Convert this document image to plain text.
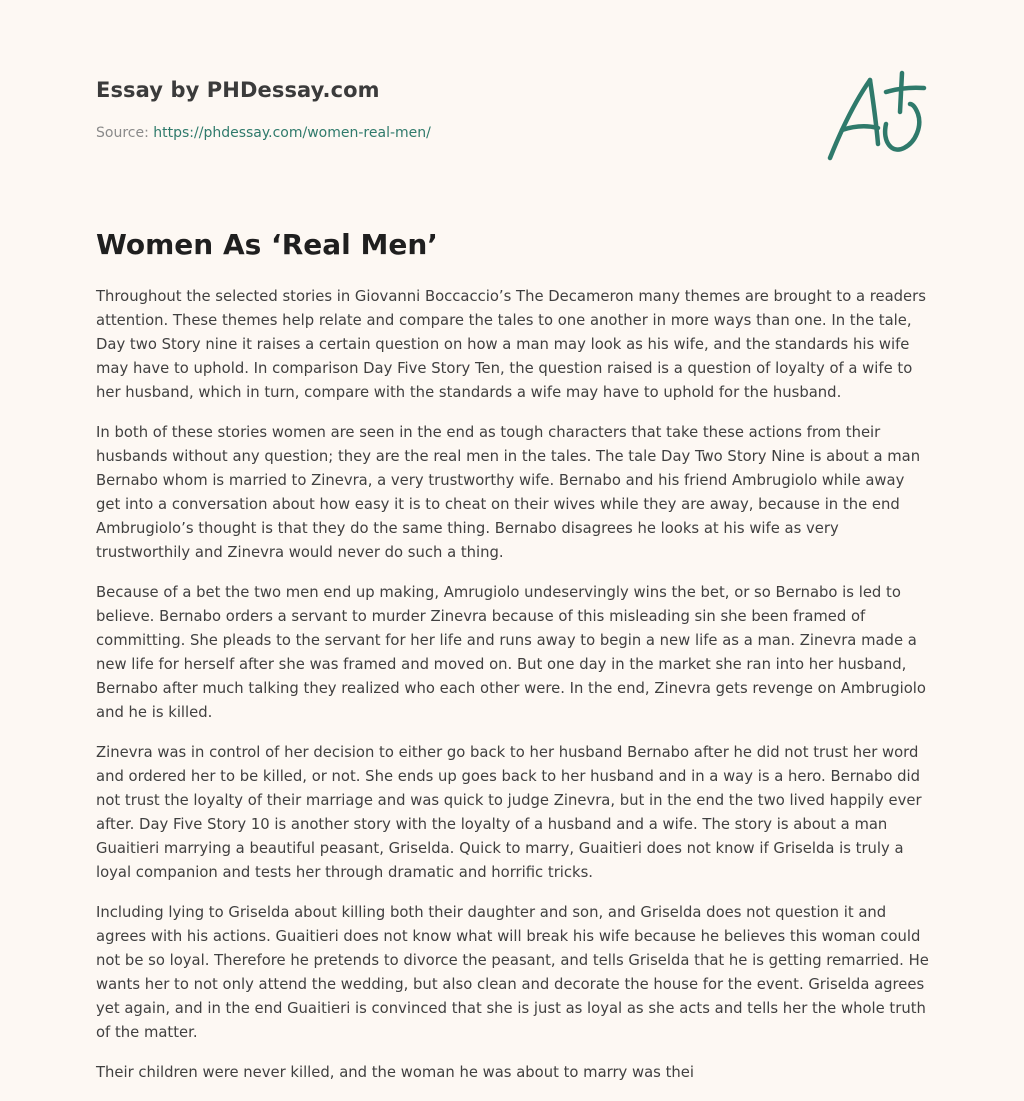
Essay by PHDessay.com
Source: https://phdessay.com/women-real-men/
Women As ‘Real Men’

Throughout the selected stories in Giovanni Boccaccio’s The Decameron many themes are brought to a readers attention. These themes help relate and compare the tales to one another in more ways than one. In the tale, Day two Story nine it raises a certain question on how a man may look as his wife, and the standards his wife may have to uphold. In comparison Day Five Story Ten, the question raised is a question of loyalty of a wife to her husband, which in turn, compare with the standards a wife may have to uphold for the husband.

In both of these stories women are seen in the end as tough characters that take these actions from their husbands without any question; they are the real men in the tales. The tale Day Two Story Nine is about a man Bernabo whom is married to Zinevra, a very trustworthy wife. Bernabo and his friend Ambrugiolo while away get into a conversation about how easy it is to cheat on their wives while they are away, because in the end Ambrugiolo’s thought is that they do the same thing. Bernabo disagrees he looks at his wife as very trustworthily and Zinevra would never do such a thing.

Because of a bet the two men end up making, Amrugiolo undeservingly wins the bet, or so Bernabo is led to believe. Bernabo orders a servant to murder Zinevra because of this misleading sin she been framed of committing. She pleads to the servant for her life and runs away to begin a new life as a man. Zinevra made a new life for herself after she was framed and moved on. But one day in the market she ran into her husband, Bernabo after much talking they realized who each other were. In the end, Zinevra gets revenge on Ambrugiolo and he is killed.

Zinevra was in control of her decision to either go back to her husband Bernabo after he did not trust her word and ordered her to be killed, or not. She ends up goes back to her husband and in a way is a hero. Bernabo did not trust the loyalty of their marriage and was quick to judge Zinevra, but in the end the two lived happily ever after. Day Five Story 10 is another story with the loyalty of a husband and a wife. The story is about a man Guaitieri marrying a beautiful peasant, Griselda. Quick to marry, Guaitieri does not know if Griselda is truly a loyal companion and tests her through dramatic and horrific tricks.

Including lying to Griselda about killing both their daughter and son, and Griselda does not question it and agrees with his actions. Guaitieri does not know what will break his wife because he believes this woman could not be so loyal. Therefore he pretends to divorce the peasant, and tells Griselda that he is getting remarried. He wants her to not only attend the wedding, but also clean and decorate the house for the event. Griselda agrees yet again, and in the end Guaitieri is convinced that she is just as loyal as she acts and tells her the whole truth of the matter.

Their children were never killed, and the woman he was about to marry was thei
